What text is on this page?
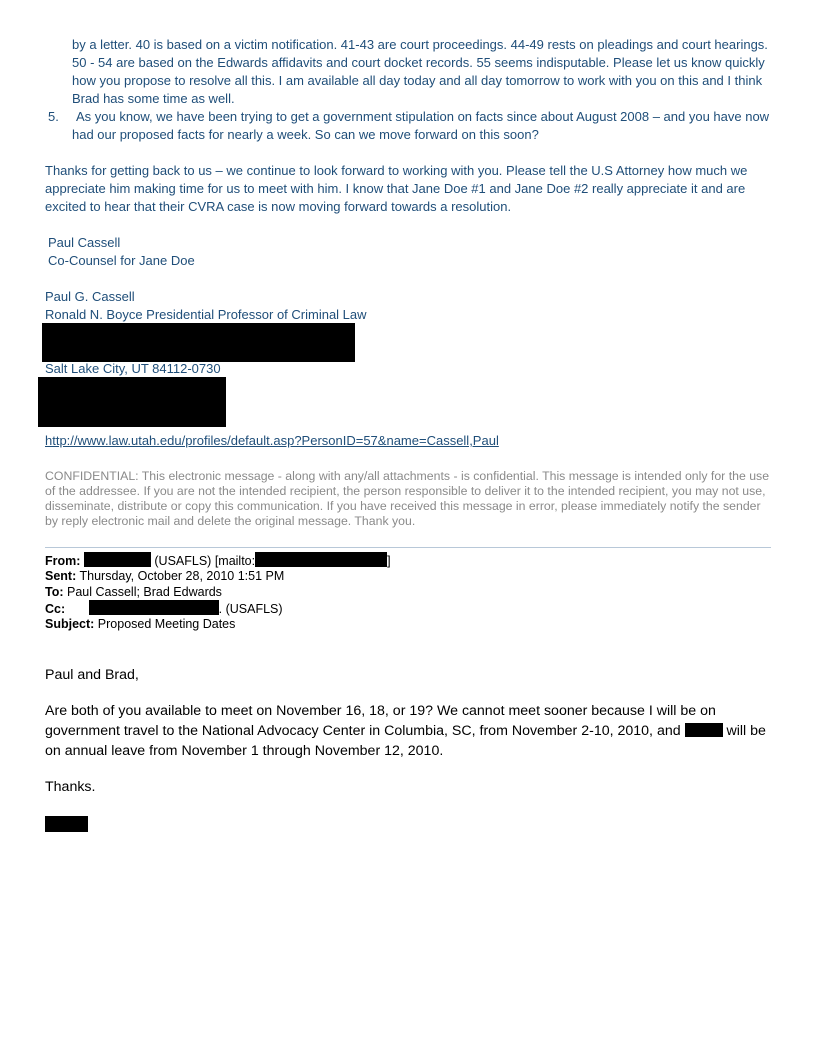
by a letter. 40 is based on a victim notification. 41-43 are court proceedings. 44-49 rests on pleadings and court hearings. 50 - 54 are based on the Edwards affidavits and court docket records. 55 seems indisputable. Please let us know quickly how you propose to resolve all this. I am available all day today and all day tomorrow to work with you on this and I think Brad has some time as well.
5.	As you know, we have been trying to get a government stipulation on facts since about August 2008 – and you have now had our proposed facts for nearly a week. So can we move forward on this soon?
Thanks for getting back to us – we continue to look forward to working with you. Please tell the U.S Attorney how much we appreciate him making time for us to meet with him. I know that Jane Doe #1 and Jane Doe #2 really appreciate it and are excited to hear that their CVRA case is now moving forward towards a resolution.
Paul Cassell
Co-Counsel for Jane Doe
Paul G. Cassell
Ronald N. Boyce Presidential Professor of Criminal Law
Salt Lake City, UT 84112-0730
http://www.law.utah.edu/profiles/default.asp?PersonID=57&name=Cassell,Paul
CONFIDENTIAL: This electronic message - along with any/all attachments - is confidential. This message is intended only for the use of the addressee. If you are not the intended recipient, the person responsible to deliver it to the intended recipient, you may not use, disseminate, distribute or copy this communication. If you have received this message in error, please immediately notify the sender by reply electronic mail and delete the original message. Thank you.
From:	(USAFLS) [mailto:	]
Sent: Thursday, October 28, 2010 1:51 PM
To: Paul Cassell; Brad Edwards
Cc:	. (USAFLS)
Subject: Proposed Meeting Dates
Paul and Brad,
Are both of you available to meet on November 16, 18, or 19? We cannot meet sooner because I will be on government travel to the National Advocacy Center in Columbia, SC, from November 2-10, 2010, and	will be on annual leave from November 1 through November 12, 2010.
Thanks.
